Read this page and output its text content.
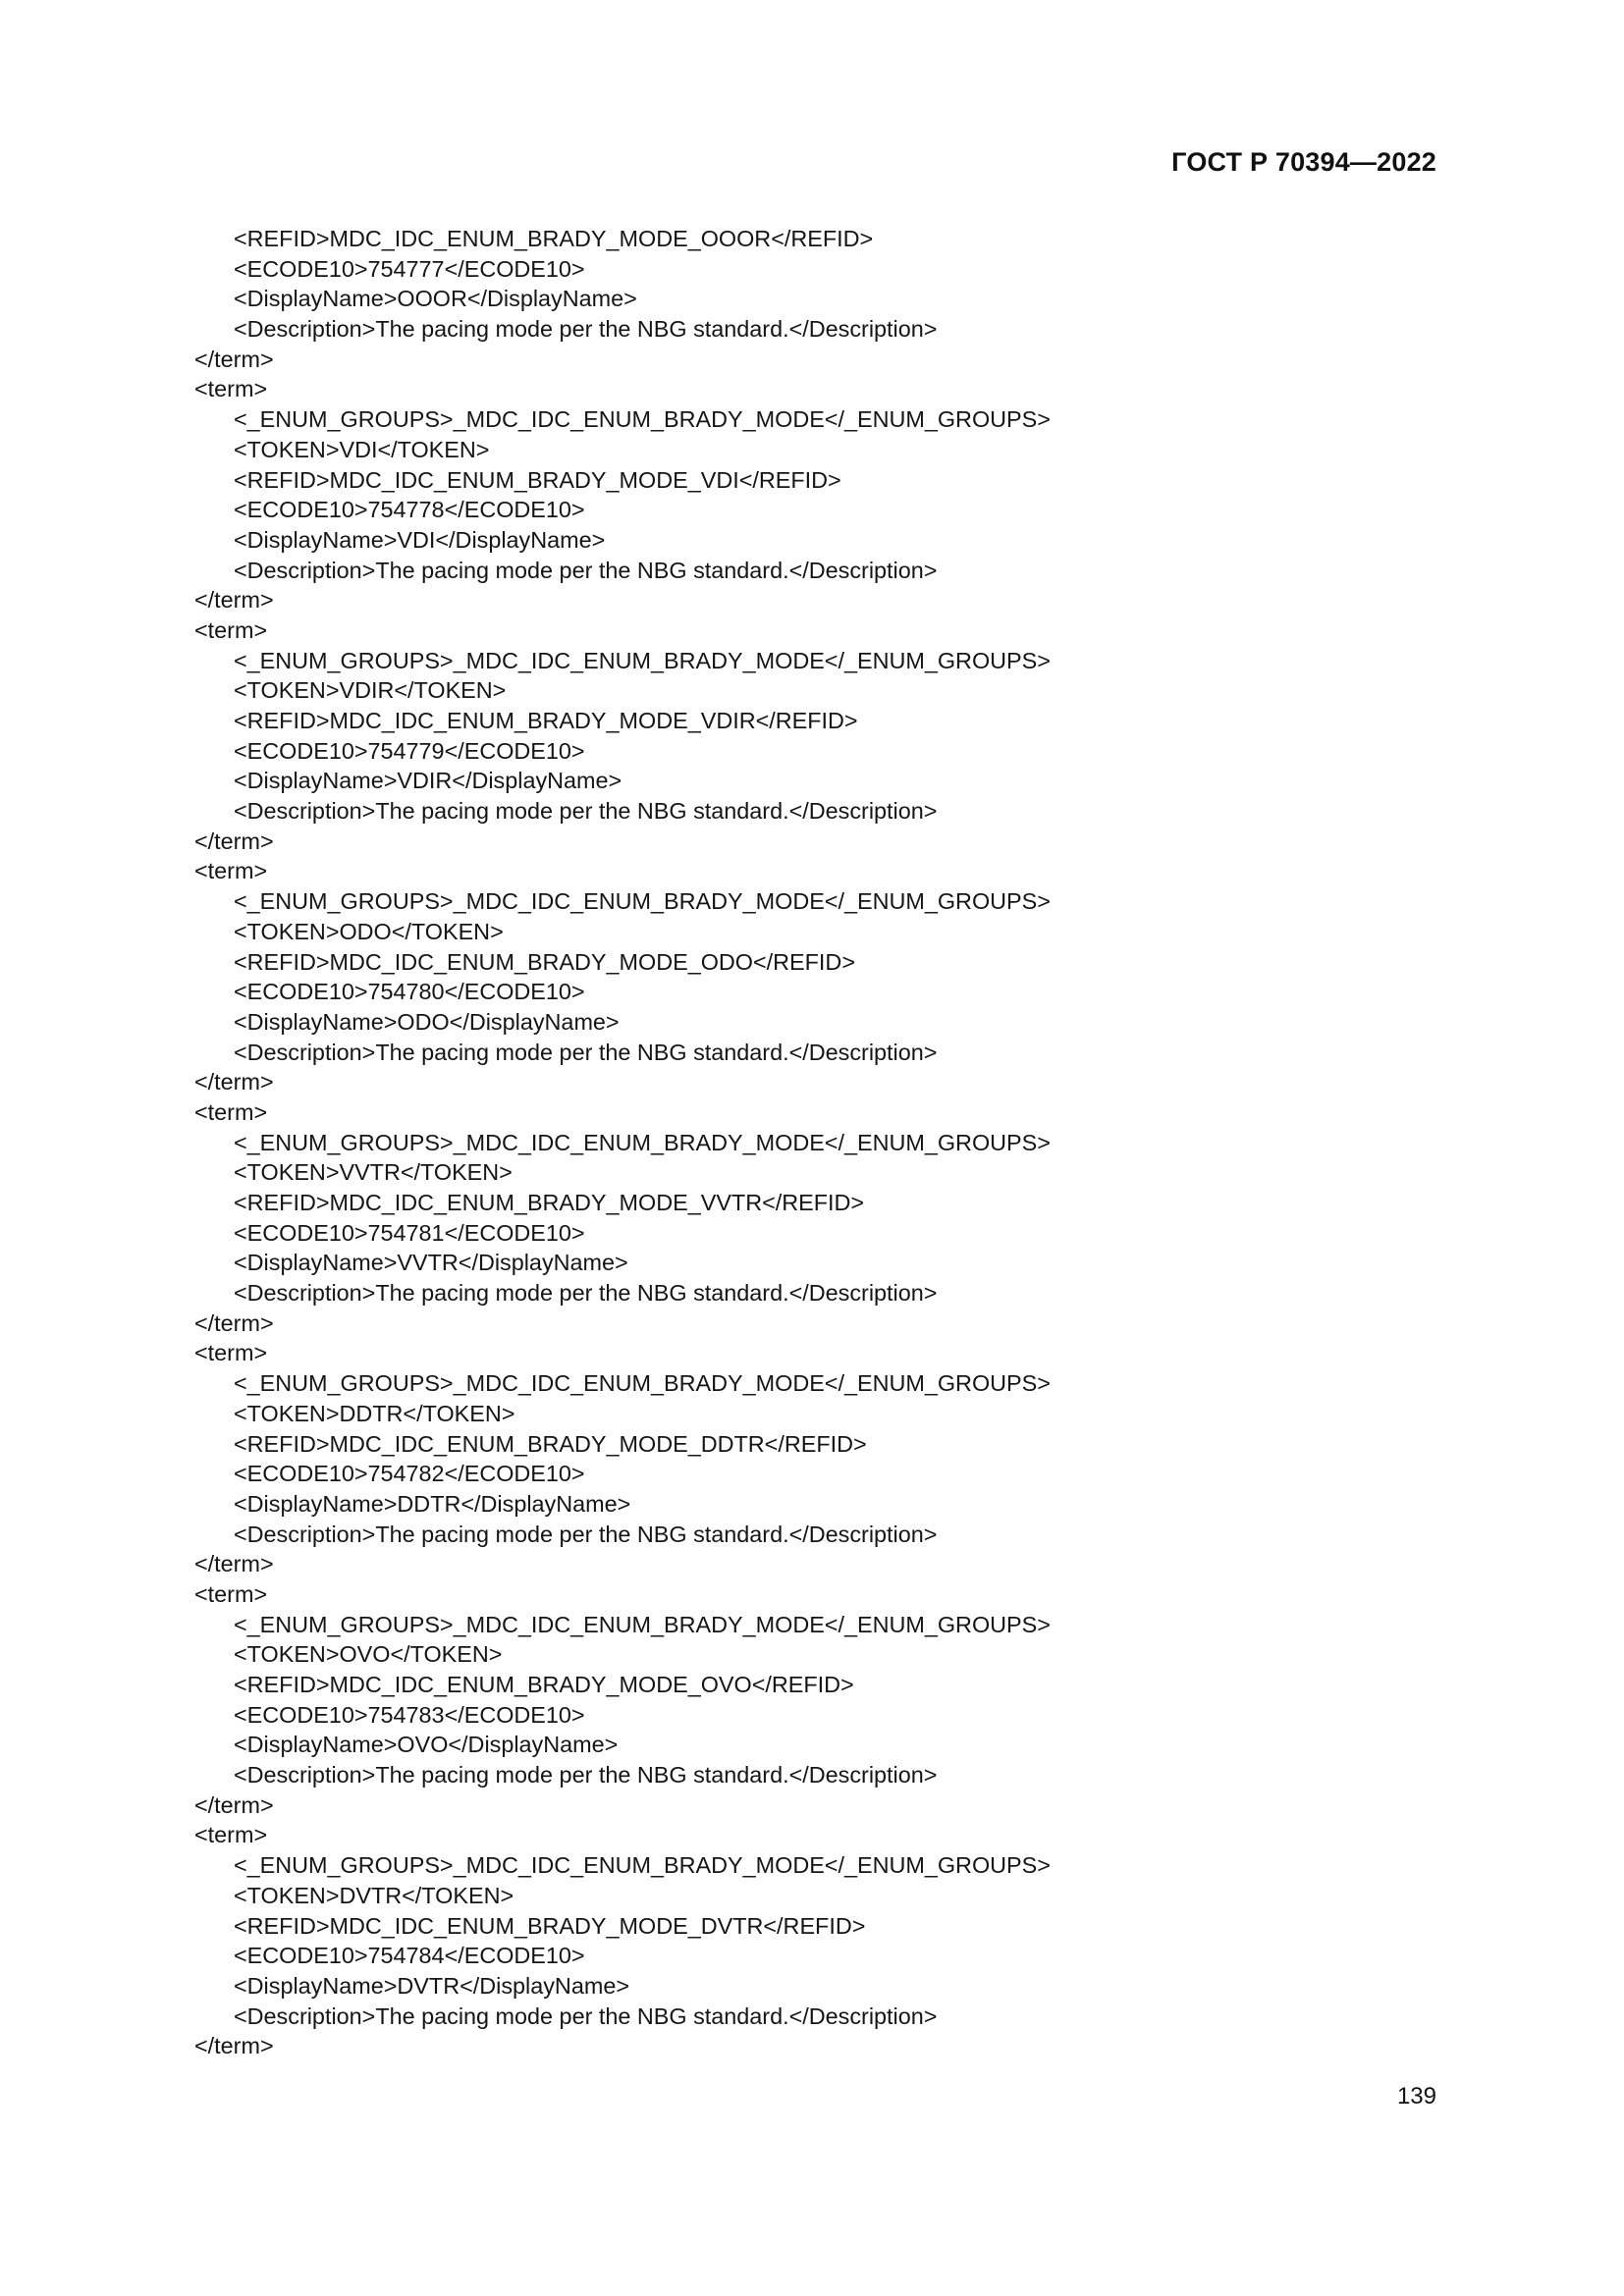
ГОСТ Р 70394—2022
<REFID>MDC_IDC_ENUM_BRADY_MODE_OOOR</REFID>
<ECODE10>754777</ECODE10>
<DisplayName>OOOR</DisplayName>
<Description>The pacing mode per the NBG standard.</Description>
</term>
<term>
<_ENUM_GROUPS>_MDC_IDC_ENUM_BRADY_MODE</_ENUM_GROUPS>
<TOKEN>VDI</TOKEN>
<REFID>MDC_IDC_ENUM_BRADY_MODE_VDI</REFID>
<ECODE10>754778</ECODE10>
<DisplayName>VDI</DisplayName>
<Description>The pacing mode per the NBG standard.</Description>
</term>
<term>
<_ENUM_GROUPS>_MDC_IDC_ENUM_BRADY_MODE</_ENUM_GROUPS>
<TOKEN>VDIR</TOKEN>
<REFID>MDC_IDC_ENUM_BRADY_MODE_VDIR</REFID>
<ECODE10>754779</ECODE10>
<DisplayName>VDIR</DisplayName>
<Description>The pacing mode per the NBG standard.</Description>
</term>
<term>
<_ENUM_GROUPS>_MDC_IDC_ENUM_BRADY_MODE</_ENUM_GROUPS>
<TOKEN>ODO</TOKEN>
<REFID>MDC_IDC_ENUM_BRADY_MODE_ODO</REFID>
<ECODE10>754780</ECODE10>
<DisplayName>ODO</DisplayName>
<Description>The pacing mode per the NBG standard.</Description>
</term>
<term>
<_ENUM_GROUPS>_MDC_IDC_ENUM_BRADY_MODE</_ENUM_GROUPS>
<TOKEN>VVTR</TOKEN>
<REFID>MDC_IDC_ENUM_BRADY_MODE_VVTR</REFID>
<ECODE10>754781</ECODE10>
<DisplayName>VVTR</DisplayName>
<Description>The pacing mode per the NBG standard.</Description>
</term>
<term>
<_ENUM_GROUPS>_MDC_IDC_ENUM_BRADY_MODE</_ENUM_GROUPS>
<TOKEN>DDTR</TOKEN>
<REFID>MDC_IDC_ENUM_BRADY_MODE_DDTR</REFID>
<ECODE10>754782</ECODE10>
<DisplayName>DDTR</DisplayName>
<Description>The pacing mode per the NBG standard.</Description>
</term>
<term>
<_ENUM_GROUPS>_MDC_IDC_ENUM_BRADY_MODE</_ENUM_GROUPS>
<TOKEN>OVO</TOKEN>
<REFID>MDC_IDC_ENUM_BRADY_MODE_OVO</REFID>
<ECODE10>754783</ECODE10>
<DisplayName>OVO</DisplayName>
<Description>The pacing mode per the NBG standard.</Description>
</term>
<term>
<_ENUM_GROUPS>_MDC_IDC_ENUM_BRADY_MODE</_ENUM_GROUPS>
<TOKEN>DVTR</TOKEN>
<REFID>MDC_IDC_ENUM_BRADY_MODE_DVTR</REFID>
<ECODE10>754784</ECODE10>
<DisplayName>DVTR</DisplayName>
<Description>The pacing mode per the NBG standard.</Description>
</term>
139
